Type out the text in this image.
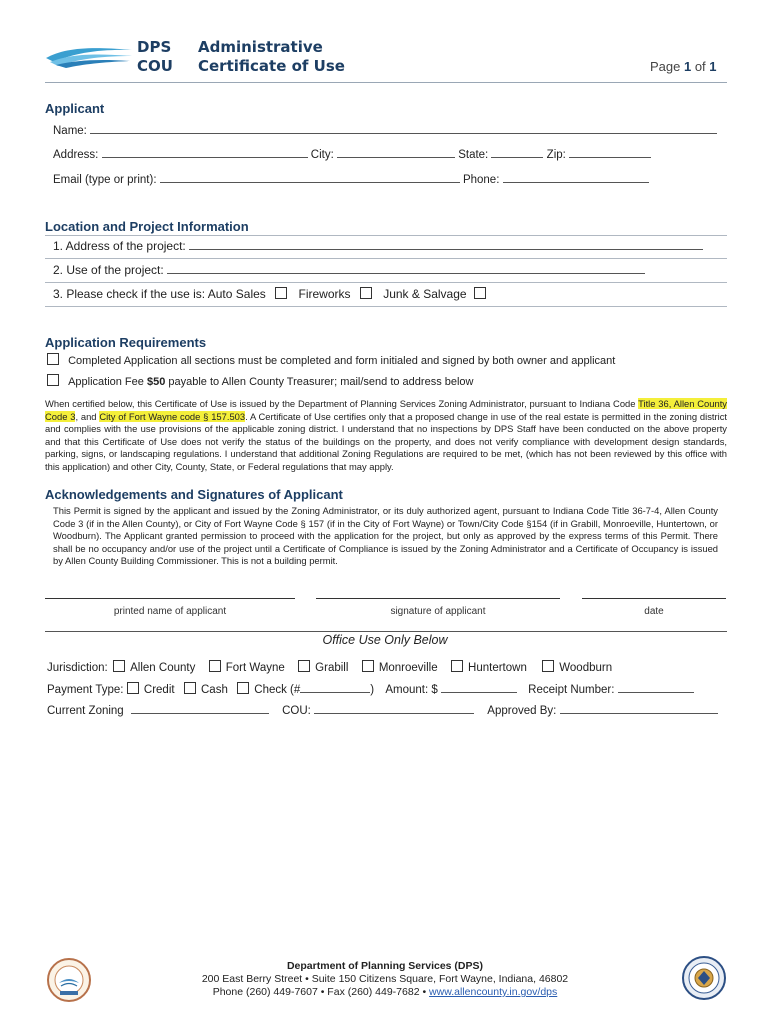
DPS
COU
Administrative
Certificate of Use	Page 1 of 1
Applicant
Name:
Address:	City:	State:	Zip:
Email (type or print):	Phone:
Location and Project Information
1. Address of the project:
2. Use of the project:
3. Please check if the use is: Auto Sales	Fireworks	Junk & Salvage
Application Requirements
Completed Application all sections must be completed and form initialed and signed by both owner and applicant
Application Fee $50 payable to Allen County Treasurer; mail/send to address below
When certified below, this Certificate of Use is issued by the Department of Planning Services Zoning Administrator, pursuant to Indiana Code Title 36, Allen County Code 3, and City of Fort Wayne code § 157.503. A Certificate of Use certifies only that a proposed change in use of the real estate is permitted in the zoning district and complies with the use provisions of the applicable zoning district. I understand that no inspections by DPS Staff have been conducted on the above property and that this Certificate of Use does not verify the status of the buildings on the property, and does not verify compliance with development design standards, parking, signs, or landscaping regulations. I understand that additional Zoning Regulations are required to be met, (which has not been reviewed by this office with this application) and other City, County, State, or Federal regulations that may apply.
Acknowledgements and Signatures of Applicant
This Permit is signed by the applicant and issued by the Zoning Administrator, or its duly authorized agent, pursuant to Indiana Code Title 36-7-4, Allen County Code 3 (if in the Allen County), or City of Fort Wayne Code § 157 (if in the City of Fort Wayne) or Town/City Code §154 (if in Grabill, Monroeville, Huntertown, or Woodburn). The Applicant granted permission to proceed with the application for the project, but only as approved by the express terms of this Permit. There shall be no occupancy and/or use of the project until a Certificate of Compliance is issued by the Zoning Administrator and a Certificate of Occupancy is issued by Allen County Building Commissioner. This is not a building permit.
printed name of applicant	signature of applicant	date
Office Use Only Below
Jurisdiction: Allen County	Fort Wayne	Grabill	Monroeville	Huntertown	Woodburn
Payment Type: Credit Cash Check (#	) Amount: $	Receipt Number:
Current Zoning	COU:	Approved By:
Department of Planning Services (DPS)
200 East Berry Street • Suite 150 Citizens Square, Fort Wayne, Indiana, 46802
Phone (260) 449-7607 • Fax (260) 449-7682 • www.allencounty.in.gov/dps
